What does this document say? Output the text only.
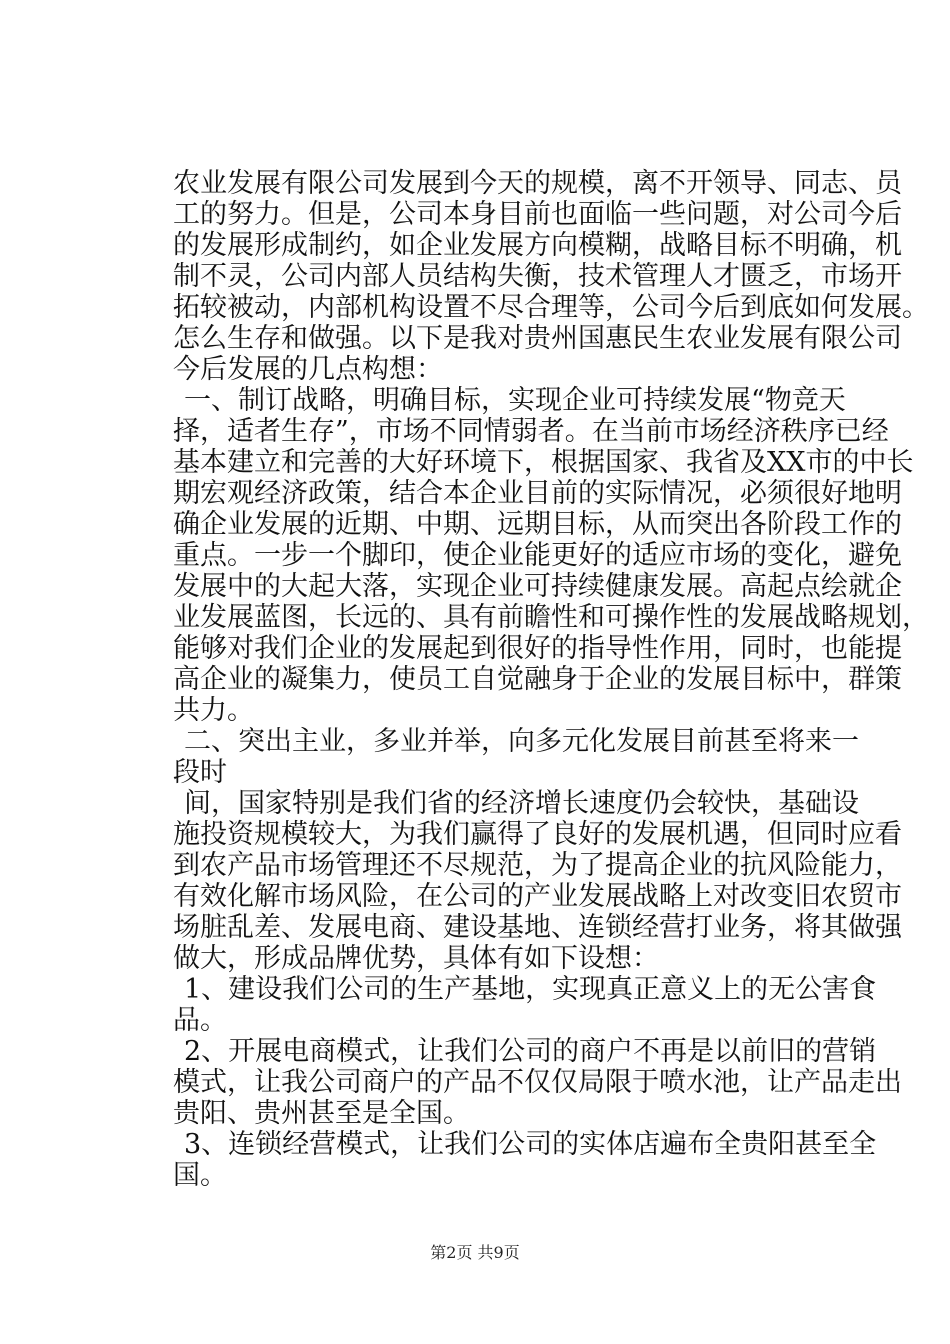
农业发展有限公司发展到今天的规模，离不开领导、同志、员
工的努力。但是，公司本身目前也面临一些问题，对公司今后
的发展形成制约，如企业发展方向模糊，战略目标不明确，机
制不灵，公司内部人员结构失衡，技术管理人才匮乏，市场开
拓较被动，内部机构设置不尽合理等，公司今后到底如何发展。
怎么生存和做强。以下是我对贵州国惠民生农业发展有限公司
今后发展的几点构想：
一、制订战略，明确目标，实现企业可持续发展“物竞天
择，适者生存”，市场不同情弱者。在当前市场经济秩序已经
基本建立和完善的大好环境下，根据国家、我省及XX市的中长
期宏观经济政策，结合本企业目前的实际情况，必须很好地明
确企业发展的近期、中期、远期目标，从而突出各阶段工作的
重点。一步一个脚印，使企业能更好的适应市场的变化，避免
发展中的大起大落，实现企业可持续健康发展。高起点绘就企
业发展蓝图，长远的、具有前瞻性和可操作性的发展战略规划，
能够对我们企业的发展起到很好的指导性作用，同时，也能提
高企业的凝集力，使员工自觉融身于企业的发展目标中，群策
共力。
二、突出主业，多业并举，向多元化发展目前甚至将来一
段时
间，国家特别是我们省的经济增长速度仍会较快，基础设
施投资规模较大，为我们赢得了良好的发展机遇，但同时应看
到农产品市场管理还不尽规范，为了提高企业的抗风险能力，
有效化解市场风险，在公司的产业发展战略上对改变旧农贸市
场脏乱差、发展电商、建设基地、连锁经营打业务，将其做强
做大，形成品牌优势，具体有如下设想：
1、建设我们公司的生产基地，实现真正意义上的无公害食
品。
2、开展电商模式，让我们公司的商户不再是以前旧的营销
模式，让我公司商户的产品不仅仅局限于喷水池，让产品走出
贵阳、贵州甚至是全国。
第2页 共9页
3、连锁经营模式，让我们公司的实体店遍布全贵阳甚至全
国。
